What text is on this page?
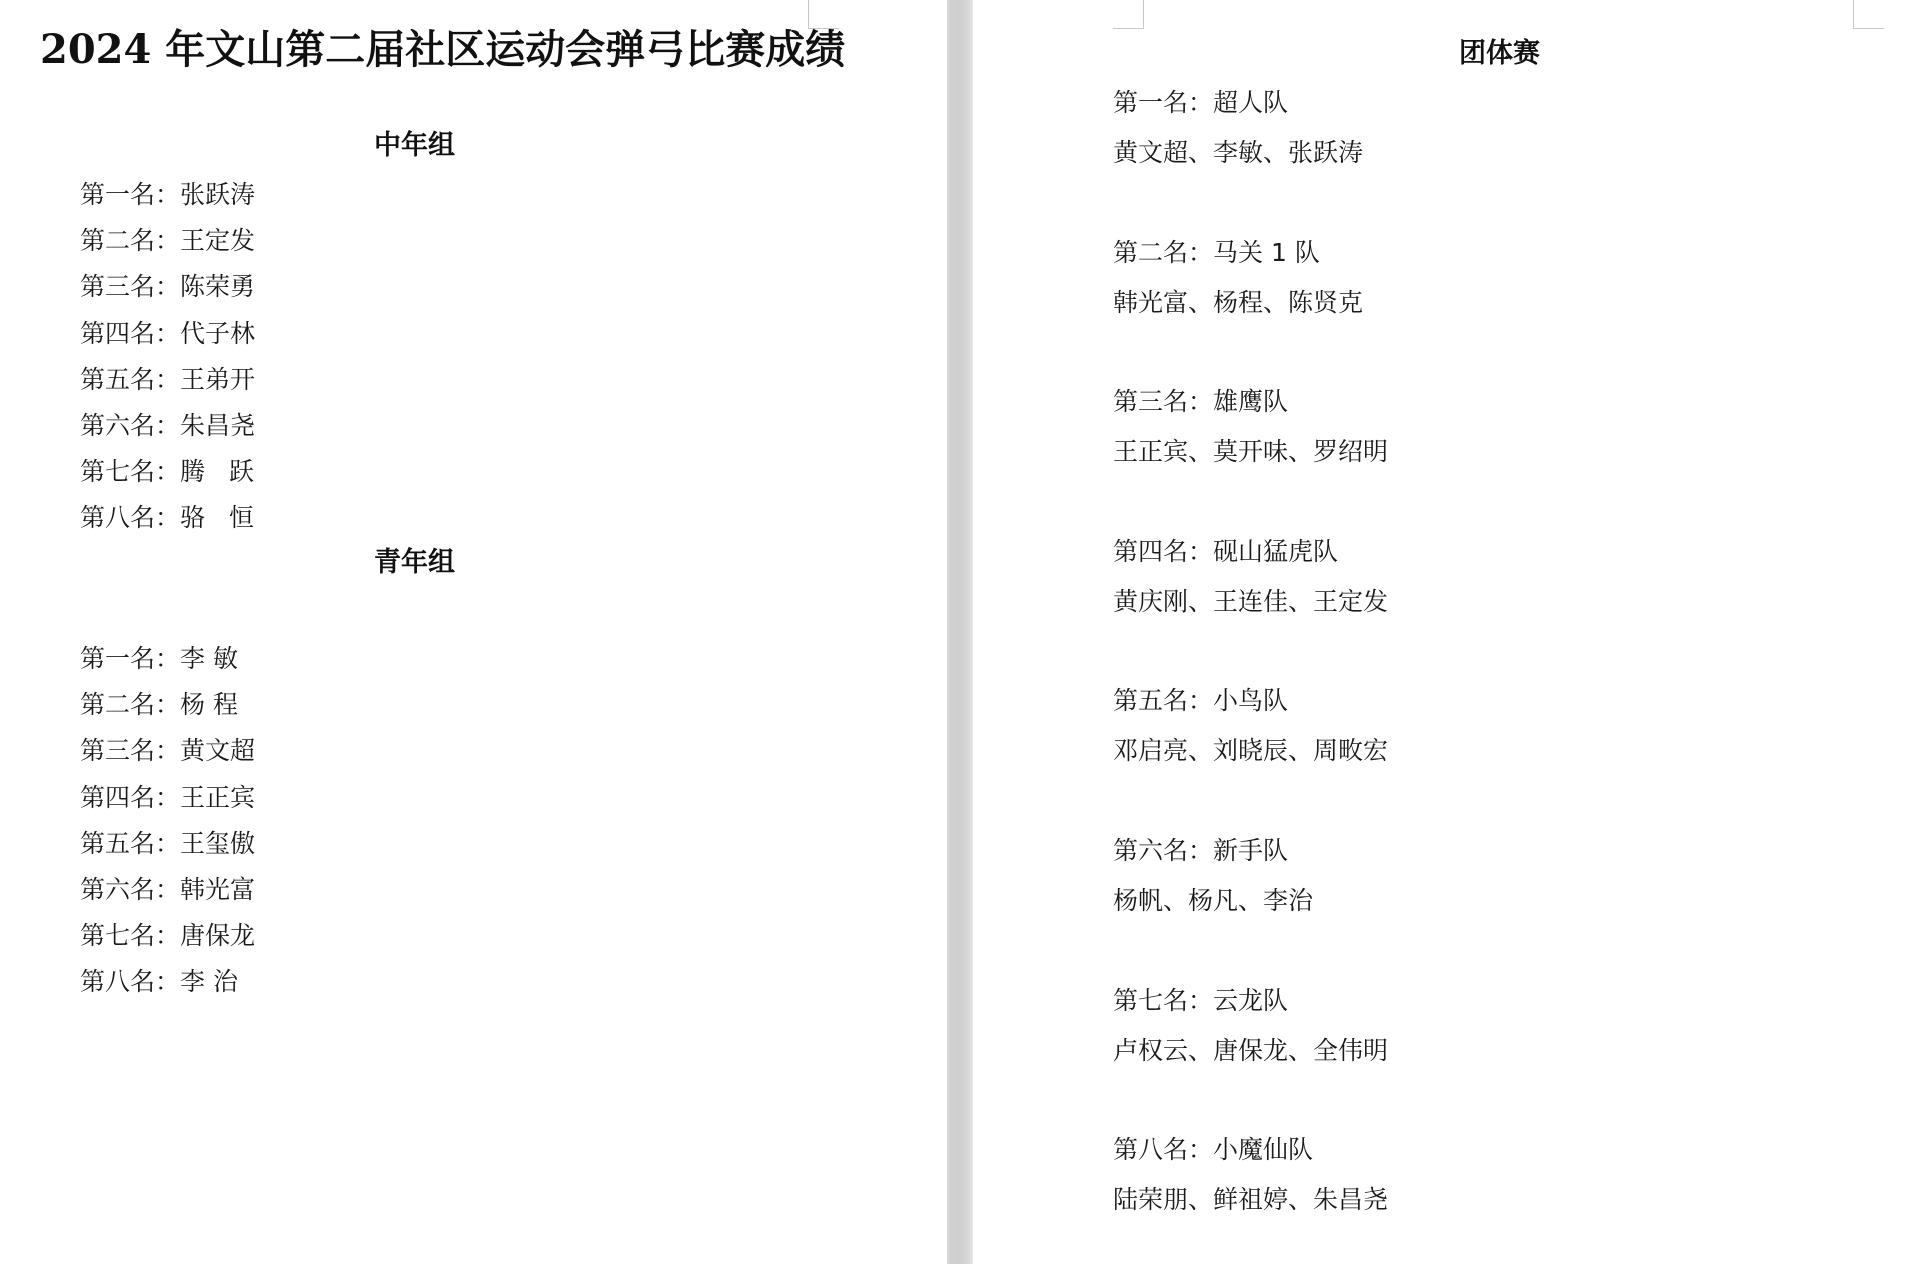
2024 年文山第二届社区运动会弹弓比赛成绩
中年组
第一名：张跃涛
第二名：王定发
第三名：陈荣勇
第四名：代子林
第五名：王弟开
第六名：朱昌尧
第七名：腾   跃
第八名：骆   恒
青年组
第一名：李 敏
第二名：杨 程
第三名：黄文超
第四名：王正宾
第五名：王玺傲
第六名：韩光富
第七名：唐保龙
第八名：李 治
团体赛
第一名：超人队
黄文超、李敏、张跃涛
第二名：马关 1 队
韩光富、杨程、陈贤克
第三名：雄鹰队
王正宾、莫开味、罗绍明
第四名：砚山猛虎队
黄庆刚、王连佳、王定发
第五名：小鸟队
邓启亮、刘晓辰、周畋宏
第六名：新手队
杨帆、杨凡、李治
第七名：云龙队
卢权云、唐保龙、全伟明
第八名：小魔仙队
陆荣朋、鲜祖婷、朱昌尧
